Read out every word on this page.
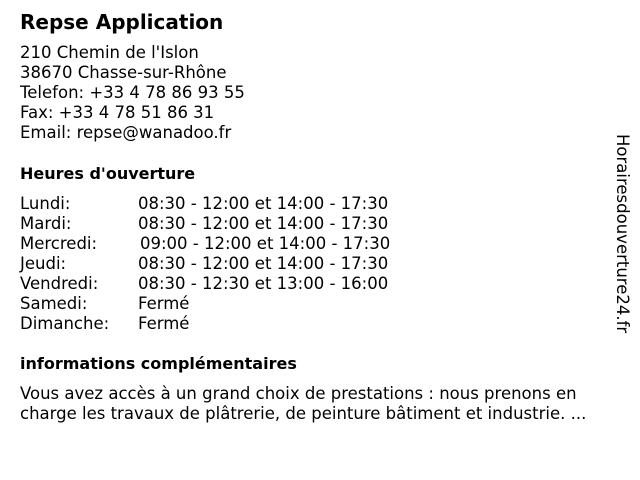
Repse Application
210 Chemin de l'Islon
38670 Chasse-sur-Rhône
Telefon: +33 4 78 86 93 55
Fax: +33 4 78 51 86 31
Email: repse@wanadoo.fr
Heures d'ouverture
Lundi:	08:30 - 12:00 et 14:00 - 17:30
Mardi:	08:30 - 12:00 et 14:00 - 17:30
Mercredi:	09:00 - 12:00 et 14:00 - 17:30
Jeudi:	08:30 - 12:00 et 14:00 - 17:30
Vendredi: 08:30 - 12:30 et 13:00 - 16:00
Samedi:	Fermé
Dimanche: Fermé
informations complémentaires
Vous avez accès à un grand choix de prestations : nous prenons en
charge les travaux de plâtrerie, de peinture bâtiment et industrie. ...
Horairesdouverture24.fr
